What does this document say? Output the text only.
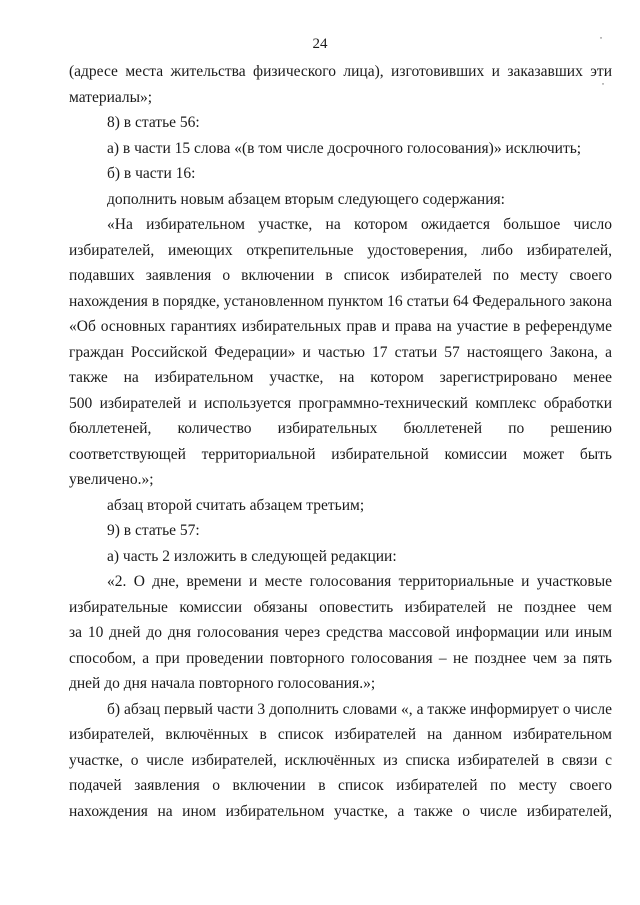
24	˙
˙
(адресе места жительства физического лица), изготовивших и заказавших эти
материалы»;
8) в статье 56:
а) в части 15 слова «(в том числе досрочного голосования)» исключить;
б) в части 16:
дополнить новым абзацем вторым следующего содержания:
«На избирательном участке, на котором ожидается большое число
избирателей, имеющих открепительные удостоверения, либо избирателей,
подавших заявления о включении в список избирателей по месту своего
нахождения в порядке, установленном пунктом 16 статьи 64 Федерального закона
«Об основных гарантиях избирательных прав и права на участие в референдуме
граждан Российской Федерации» и частью 17 статьи 57 настоящего Закона, а
также на избирательном участке, на котором зарегистрировано менее
500 избирателей и используется программно-технический комплекс обработки
бюллетеней, количество избирательных бюллетеней по решению
соответствующей территориальной избирательной комиссии может быть
увеличено.»;
абзац второй считать абзацем третьим;
9) в статье 57:
а) часть 2 изложить в следующей редакции:
«2. О дне, времени и месте голосования территориальные и участковые
избирательные комиссии обязаны оповестить избирателей не позднее чем
за 10 дней до дня голосования через средства массовой информации или иным
способом, а при проведении повторного голосования – не позднее чем за пять
дней до дня начала повторного голосования.»;
б) абзац первый части 3 дополнить словами «, а также информирует о числе
избирателей, включённых в список избирателей на данном избирательном
участке, о числе избирателей, исключённых из списка избирателей в связи с
подачей заявления о включении в список избирателей по месту своего
нахождения на ином избирательном участке, а также о числе избирателей,
